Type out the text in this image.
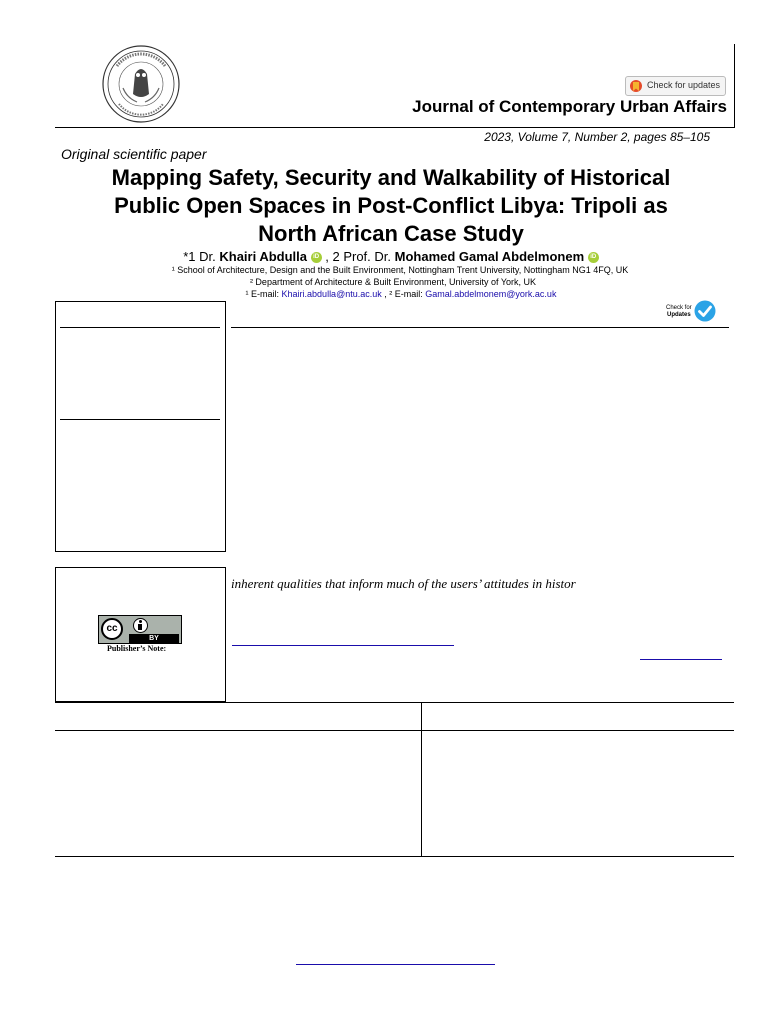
Check for updates
Journal of Contemporary Urban Affairs
2023, Volume 7, Number 2, pages 85–105
Original scientific paper
Mapping Safety, Security and Walkability of Historical
Public Open Spaces in Post-Conflict Libya: Tripoli as
North African Case Study
*1 Dr. Khairi Abdulla iD , 2 Prof. Dr. Mohamed Gamal Abdelmonem iD
¹ School of Architecture, Design and the Built Environment, Nottingham Trent University, Nottingham NG1 4FQ, UK
² Department of Architecture & Built Environment, University of York, UK
¹ E-mail: Khairi.abdulla@ntu.ac.uk , ² E-mail: Gamal.abdelmonem@york.ac.uk
Check for
Updates
cc
BY
Publisher’s Note:
inherent qualities that inform much of the users’ attitudes in histor
